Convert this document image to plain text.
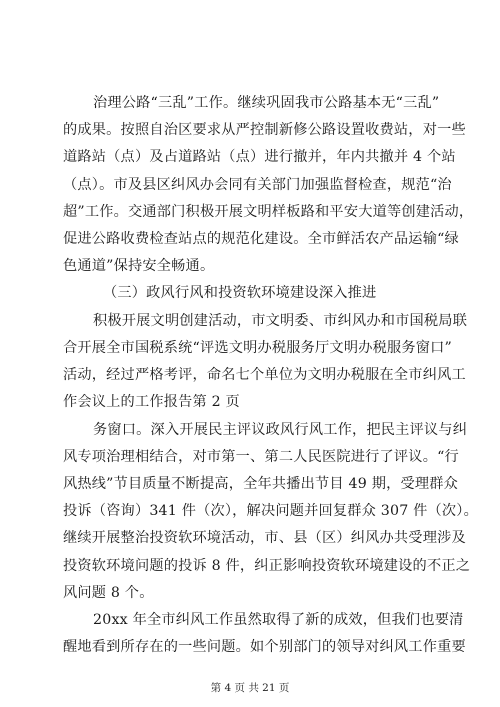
治理公路“三乱”工作。继续巩固我市公路基本无“三乱”
的成果。按照自治区要求从严控制新修公路设置收费站，对一些
道路站（点）及占道路站（点）进行撤并，年内共撤并 4 个站
（点）。市及县区纠风办会同有关部门加强监督检查，规范“治
超”工作。交通部门积极开展文明样板路和平安大道等创建活动，
促进公路收费检查站点的规范化建设。全市鲜活农产品运输“绿
色通道”保持安全畅通。
（三）政风行风和投资软环境建设深入推进
积极开展文明创建活动，市文明委、市纠风办和市国税局联
合开展全市国税系统“评选文明办税服务厅文明办税服务窗口”
活动，经过严格考评，命名七个单位为文明办税服在全市纠风工
作会议上的工作报告第 2 页
务窗口。深入开展民主评议政风行风工作，把民主评议与纠
风专项治理相结合，对市第一、第二人民医院进行了评议。“行
风热线”节目质量不断提高，全年共播出节目 49 期，受理群众
投诉（咨询）341 件（次），解决问题并回复群众 307 件（次）。
继续开展整治投资软环境活动，市、县（区）纠风办共受理涉及
投资软环境问题的投诉 8 件，纠正影响投资软环境建设的不正之
风问题 8 个。
20xx 年全市纠风工作虽然取得了新的成效，但我们也要清
醒地看到所存在的一些问题。如个别部门的领导对纠风工作重要
第 4 页 共 21 页
